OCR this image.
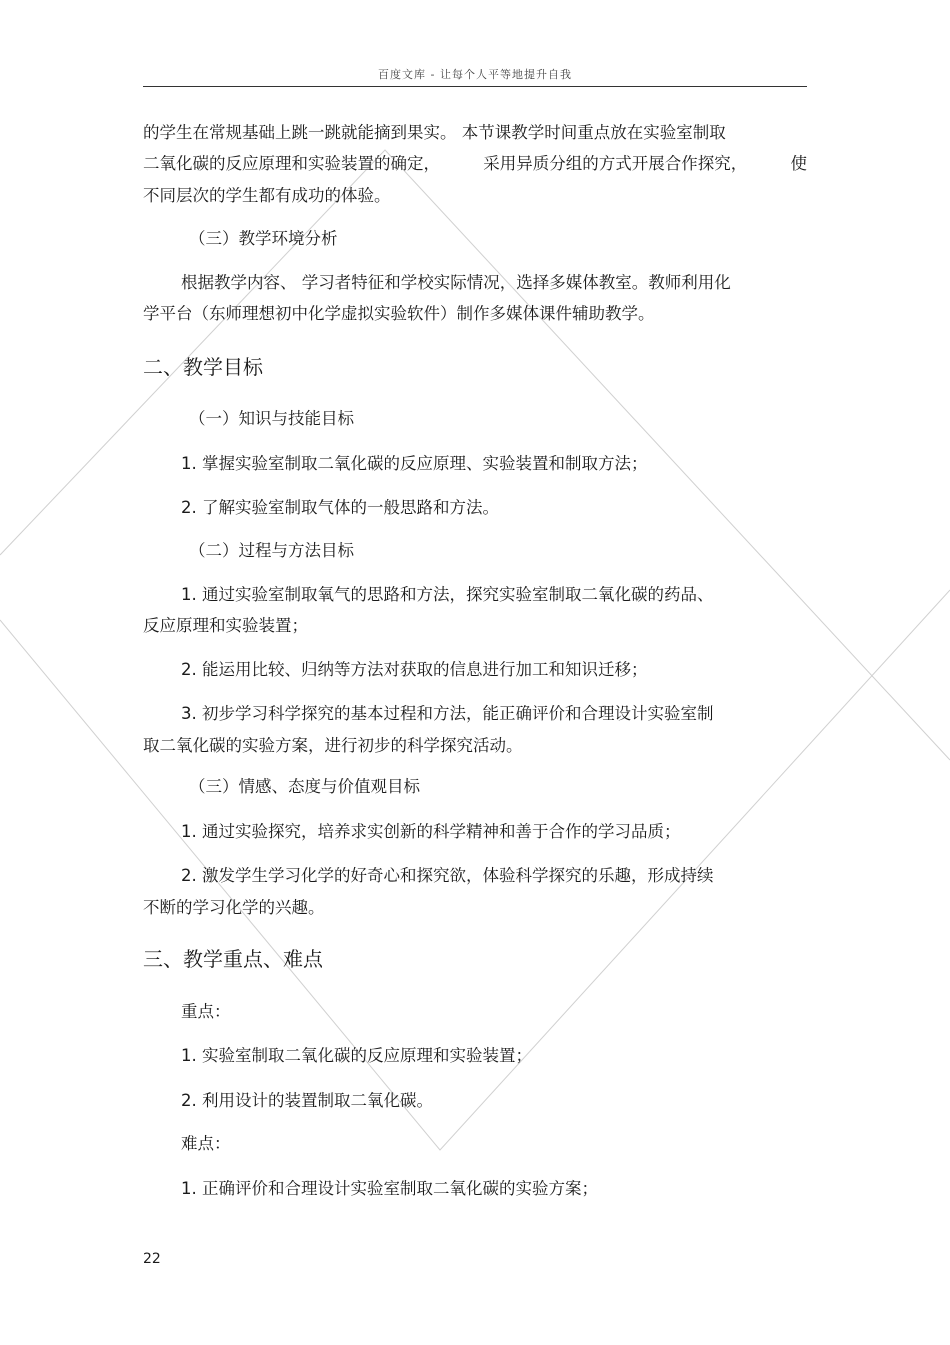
百度文库 - 让每个人平等地提升自我
的学生在常规基础上跳一跳就能摘到果实。 本节课教学时间重点放在实验室制取
二氧化碳的反应原理和实验装置的确定，	采用异质分组的方式开展合作探究，	使
不同层次的学生都有成功的体验。
（三）教学环境分析
根据教学内容、 学习者特征和学校实际情况，选择多媒体教室。教师利用化
学平台（东师理想初中化学虚拟实验软件）制作多媒体课件辅助教学。
二、教学目标
（一）知识与技能目标
1. 掌握实验室制取二氧化碳的反应原理、实验装置和制取方法；
2. 了解实验室制取气体的一般思路和方法。
（二）过程与方法目标
1. 通过实验室制取氧气的思路和方法，探究实验室制取二氧化碳的药品、
反应原理和实验装置；
2. 能运用比较、归纳等方法对获取的信息进行加工和知识迁移；
3. 初步学习科学探究的基本过程和方法，能正确评价和合理设计实验室制
取二氧化碳的实验方案，进行初步的科学探究活动。
（三）情感、态度与价值观目标
1. 通过实验探究，培养求实创新的科学精神和善于合作的学习品质；
2. 激发学生学习化学的好奇心和探究欲，体验科学探究的乐趣，形成持续
不断的学习化学的兴趣。
三、教学重点、难点
重点：
1. 实验室制取二氧化碳的反应原理和实验装置；
2. 利用设计的装置制取二氧化碳。
难点：
1. 正确评价和合理设计实验室制取二氧化碳的实验方案；
22
